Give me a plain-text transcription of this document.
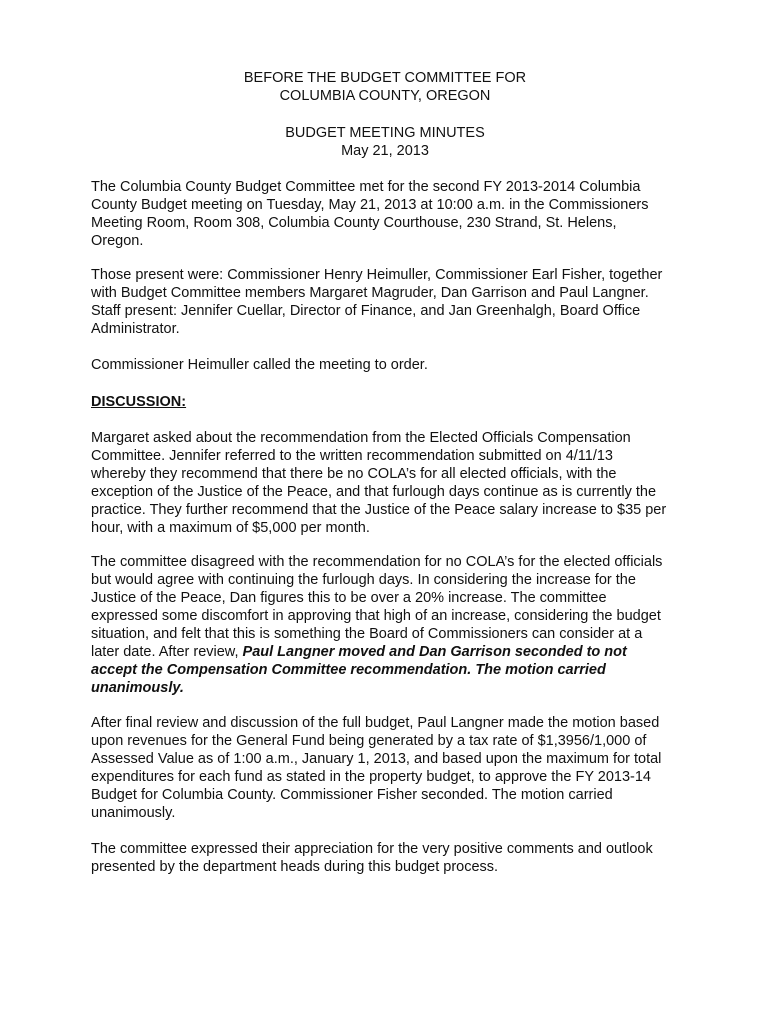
BEFORE THE BUDGET COMMITTEE FOR
COLUMBIA COUNTY, OREGON
BUDGET MEETING MINUTES
May 21, 2013
The Columbia County Budget Committee met for the second FY 2013-2014 Columbia
County Budget meeting on Tuesday, May 21, 2013 at 10:00 a.m. in the Commissioners
Meeting Room, Room 308, Columbia County Courthouse, 230 Strand, St. Helens,
Oregon.
Those present were: Commissioner Henry Heimuller, Commissioner Earl Fisher, together
with Budget Committee members Margaret Magruder, Dan Garrison and Paul Langner.
Staff present: Jennifer Cuellar, Director of Finance, and Jan Greenhalgh, Board Office
Administrator.
Commissioner Heimuller called the meeting to order.
DISCUSSION:
Margaret asked about the recommendation from the Elected Officials Compensation
Committee. Jennifer referred to the written recommendation submitted on 4/11/13
whereby they recommend that there be no COLA’s for all elected officials, with the
exception of the Justice of the Peace, and that furlough days continue as is currently the
practice. They further recommend that the Justice of the Peace salary increase to $35 per
hour, with a maximum of $5,000 per month.
The committee disagreed with the recommendation for no COLA’s for the elected officials
but would agree with continuing the furlough days. In considering the increase for the
Justice of the Peace, Dan figures this to be over a 20% increase. The committee
expressed some discomfort in approving that high of an increase, considering the budget
situation, and felt that this is something the Board of Commissioners can consider at a
later date. After review, Paul Langner moved and Dan Garrison seconded to not
accept the Compensation Committee recommendation. The motion carried
unanimously.
After final review and discussion of the full budget, Paul Langner made the motion based
upon revenues for the General Fund being generated by a tax rate of $1,3956/1,000 of
Assessed Value as of 1:00 a.m., January 1, 2013, and based upon the maximum for total
expenditures for each fund as stated in the property budget, to approve the FY 2013-14
Budget for Columbia County. Commissioner Fisher seconded. The motion carried
unanimously.
The committee expressed their appreciation for the very positive comments and outlook
presented by the department heads during this budget process.
